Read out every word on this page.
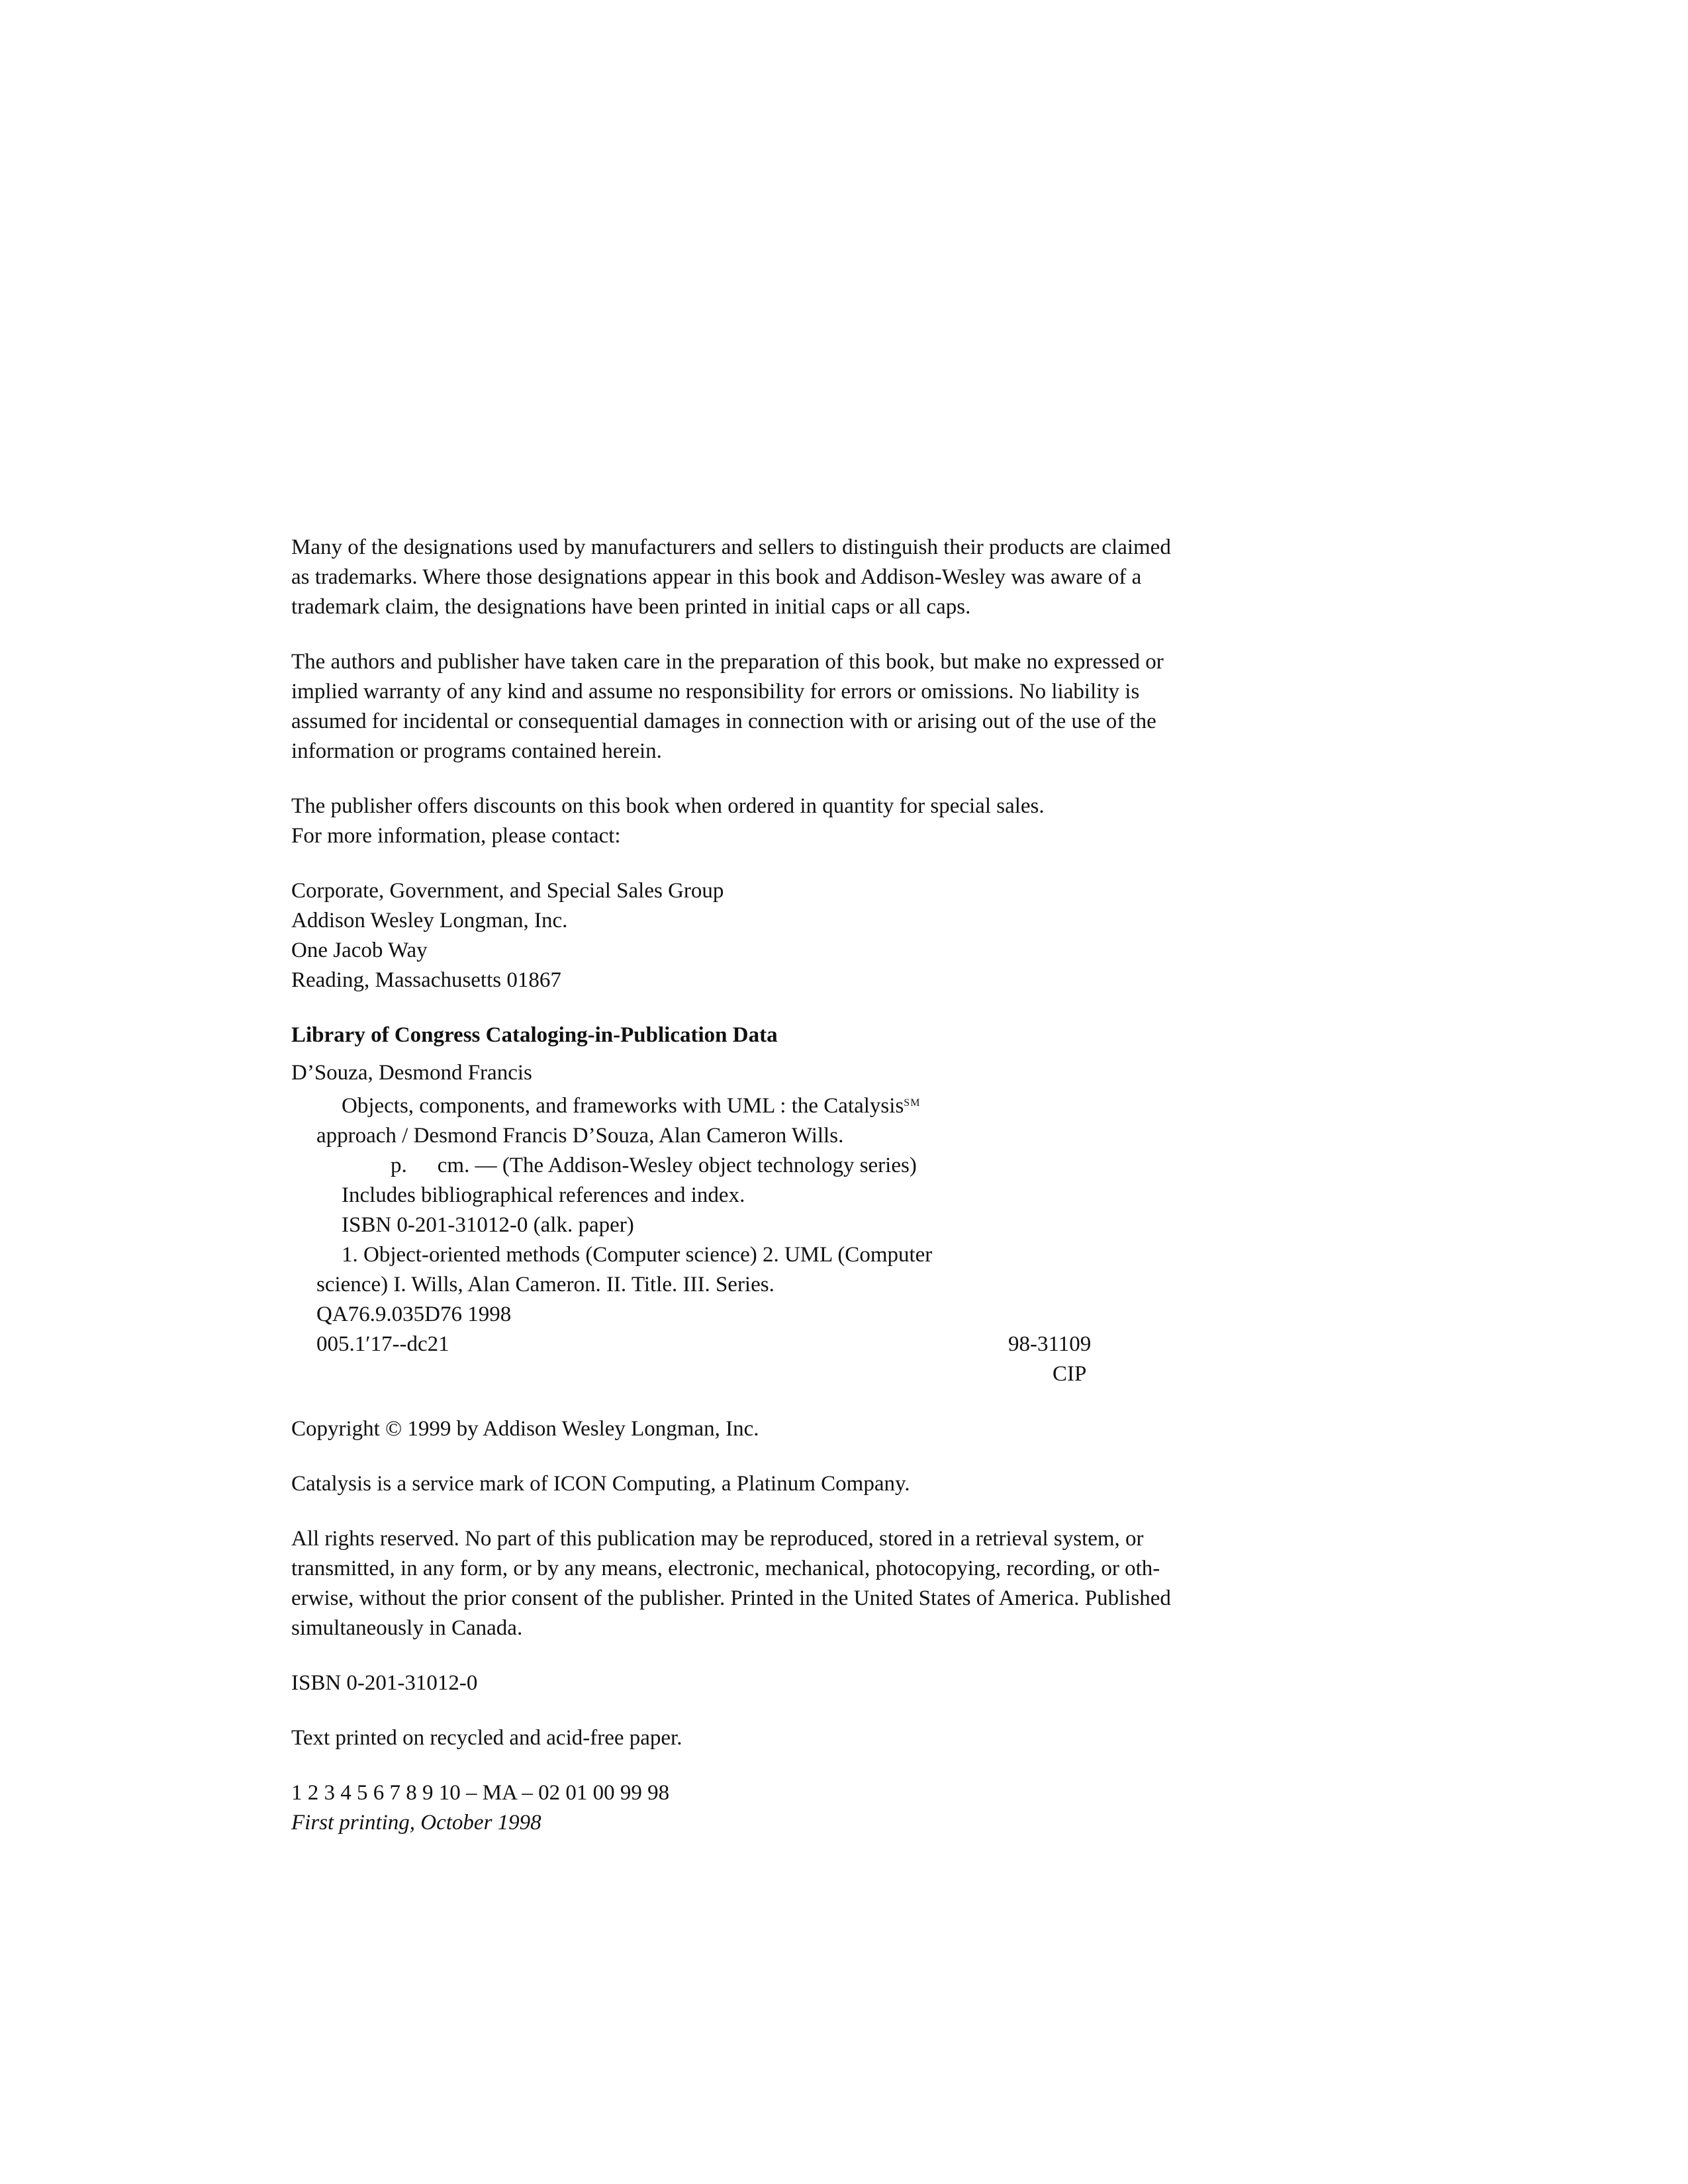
Many of the designations used by manufacturers and sellers to distinguish their products are claimed
as trademarks. Where those designations appear in this book and Addison-Wesley was aware of a
trademark claim, the designations have been printed in initial caps or all caps.

The authors and publisher have taken care in the preparation of this book, but make no expressed or
implied warranty of any kind and assume no responsibility for errors or omissions. No liability is
assumed for incidental or consequential damages in connection with or arising out of the use of the
information or programs contained herein.

The publisher offers discounts on this book when ordered in quantity for special sales.
For more information, please contact:

Corporate, Government, and Special Sales Group
Addison Wesley Longman, Inc.
One Jacob Way
Reading, Massachusetts 01867

Library of Congress Cataloging-in-Publication Data
D’Souza, Desmond Francis
Objects, components, and frameworks with UML : the Catalysis℠
approach / Desmond Francis D’Souza, Alan Cameron Wills.
p. cm. — (The Addison-Wesley object technology series)
Includes bibliographical references and index.
ISBN 0-201-31012-0 (alk. paper)
1. Object-oriented methods (Computer science) 2. UML (Computer
science) I. Wills, Alan Cameron. II. Title. III. Series.
QA76.9.035D76 1998
005.1′17--dc21	98-31109

CIP

Copyright © 1999 by Addison Wesley Longman, Inc.

Catalysis is a service mark of ICON Computing, a Platinum Company.

All rights reserved. No part of this publication may be reproduced, stored in a retrieval system, or
transmitted, in any form, or by any means, electronic, mechanical, photocopying, recording, or oth-
erwise, without the prior consent of the publisher. Printed in the United States of America. Published
simultaneously in Canada.

ISBN 0-201-31012-0

Text printed on recycled and acid-free paper.

1 2 3 4 5 6 7 8 9 10 – MA – 02 01 00 99 98
First printing, October 1998
